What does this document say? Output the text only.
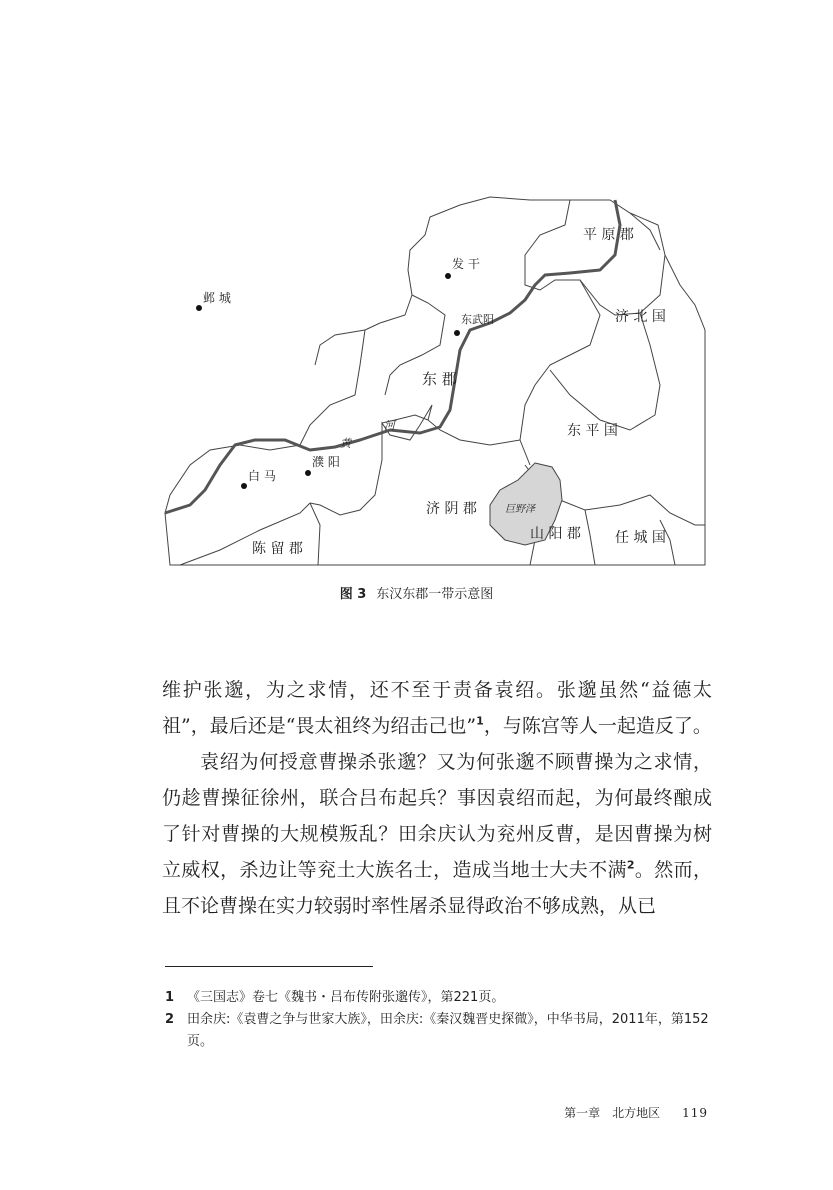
平 原 郡
发 干
邺 城
东武阳	济 北 国
东 郡
黄
河	东 平 国
白 马
濮 阳
济 阴 郡	巨野泽
山 阳 郡 任 城 国
陈 留 郡
图 3 东汉东郡一带示意图

维护张邈，为之求情，还不至于责备袁绍。张邈虽然“益德太祖”，最后还是“畏太祖终为绍击己也”$^1$，与陈宫等人一起造反了。

袁绍为何授意曹操杀张邈？又为何张邈不顾曹操为之求情，仍趁曹操征徐州，联合吕布起兵？事因袁绍而起，为何最终酿成了针对曹操的大规模叛乱？田余庆认为兖州反曹，是因曹操为树立威权，杀边让等兖土大族名士，造成当地士大夫不满$^2$。然而，且不论曹操在实力较弱时率性屠杀显得政治不够成熟，从已

1 《三国志》卷七《魏书・吕布传附张邈传》，第221页。
2 田余庆:《袁曹之争与世家大族》，田余庆:《秦汉魏晋史探微》，中华书局，2011年，第152页。
第一章　北方地区 119
